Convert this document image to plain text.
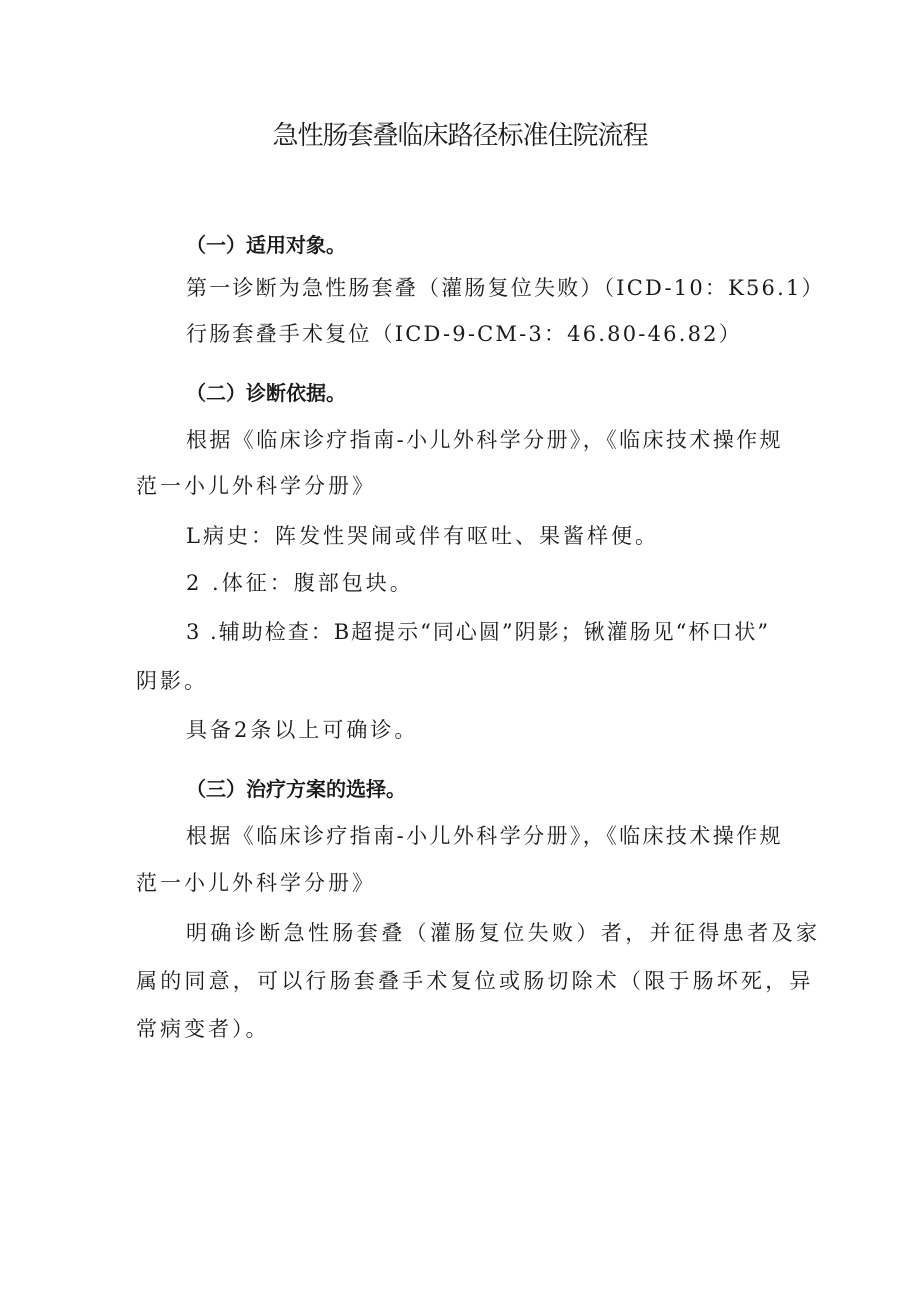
急性肠套叠临床路径标准住院流程
（一）适用对象。
第一诊断为急性肠套叠（灌肠复位失败）（ICD-10：K56.1）
行肠套叠手术复位（ICD-9-CM-3：46.80-46.82）
（二）诊断依据。
根据《临床诊疗指南-小儿外科学分册》，《临床技术操作规
范一小儿外科学分册》
L病史：阵发性哭闹或伴有呕吐、果酱样便。
2 .体征：腹部包块。
3 .辅助检查：B超提示“同心圆”阴影；锹灌肠见“杯口状”
阴影。
具备2条以上可确诊。
（三）治疗方案的选择。
根据《临床诊疗指南-小儿外科学分册》，《临床技术操作规
范一小儿外科学分册》
明确诊断急性肠套叠（灌肠复位失败）者，并征得患者及家
属的同意，可以行肠套叠手术复位或肠切除术（限于肠坏死，异
常病变者）。
